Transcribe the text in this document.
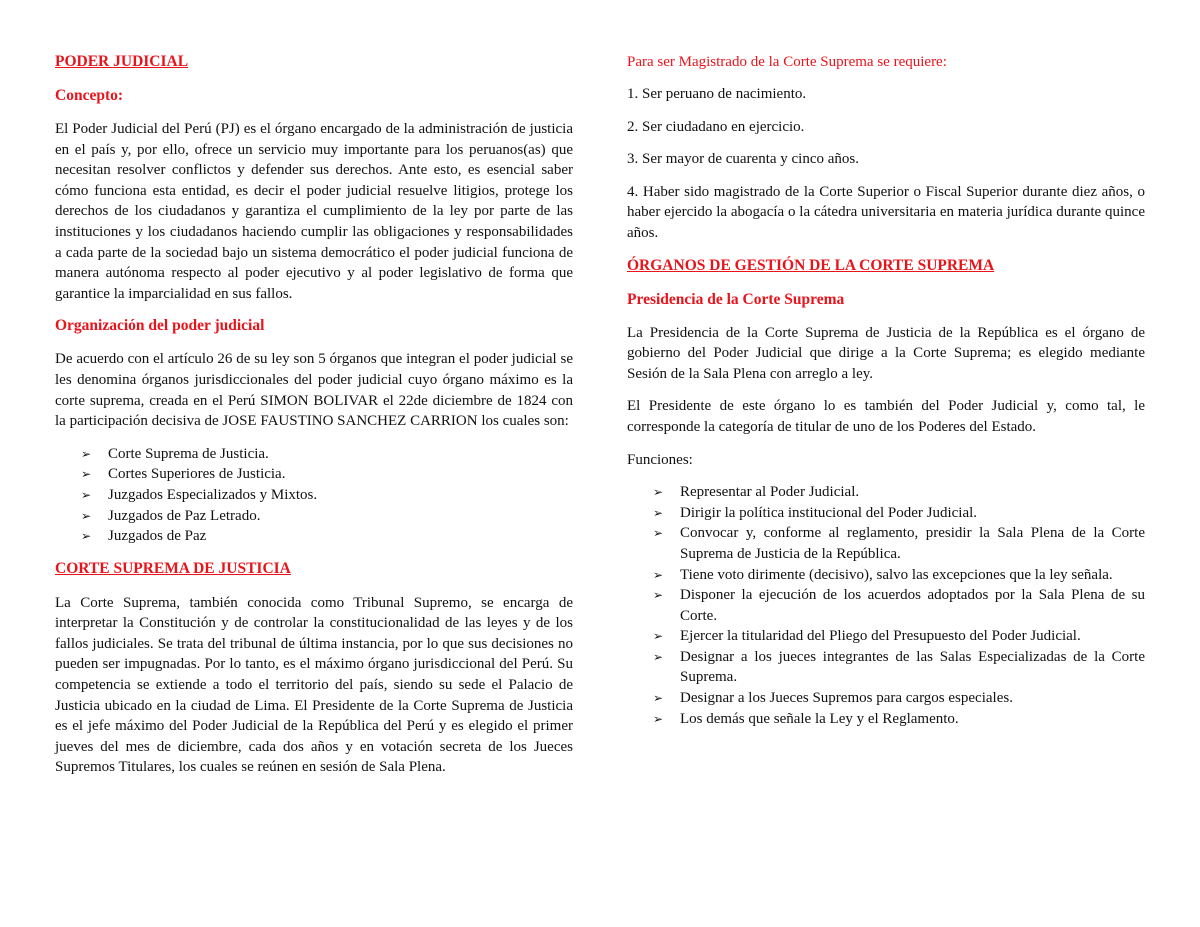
PODER JUDICIAL
Concepto:

El Poder Judicial del Perú (PJ) es el órgano encargado de la administración de justicia en el país y, por ello, ofrece un servicio muy importante para los peruanos(as) que necesitan resolver conflictos y defender sus derechos. Ante esto, es esencial saber cómo funciona esta entidad, es decir el poder judicial resuelve litigios, protege los derechos de los ciudadanos y garantiza el cumplimiento de la ley por parte de las instituciones y los ciudadanos haciendo cumplir las obligaciones y responsabilidades a cada parte de la sociedad bajo un sistema democrático el poder judicial funciona de manera autónoma respecto al poder ejecutivo y al poder legislativo de forma que garantice la imparcialidad en sus fallos.

Organización del poder judicial

De acuerdo con el artículo 26 de su ley son 5 órganos que integran el poder judicial se les denomina órganos jurisdiccionales del poder judicial cuyo órgano máximo es la corte suprema, creada en el Perú SIMON BOLIVAR el 22de diciembre de 1824 con la participación decisiva de JOSE FAUSTINO SANCHEZ CARRION los cuales son:

➢ Corte Suprema de Justicia.
➢ Cortes Superiores de Justicia.
➢ Juzgados Especializados y Mixtos.
➢ Juzgados de Paz Letrado.
➢ Juzgados de Paz
CORTE SUPREMA DE JUSTICIA

La Corte Suprema, también conocida como Tribunal Supremo, se encarga de interpretar la Constitución y de controlar la constitucionalidad de las leyes y de los fallos judiciales. Se trata del tribunal de última instancia, por lo que sus decisiones no pueden ser impugnadas. Por lo tanto, es el máximo órgano jurisdiccional del Perú. Su competencia se extiende a todo el territorio del país, siendo su sede el Palacio de Justicia ubicado en la ciudad de Lima. El Presidente de la Corte Suprema de Justicia es el jefe máximo del Poder Judicial de la República del Perú y es elegido el primer jueves del mes de diciembre, cada dos años y en votación secreta de los Jueces Supremos Titulares, los cuales se reúnen en sesión de Sala Plena.

Para ser Magistrado de la Corte Suprema se requiere:

1. Ser peruano de nacimiento.

2. Ser ciudadano en ejercicio.

3. Ser mayor de cuarenta y cinco años.

4. Haber sido magistrado de la Corte Superior o Fiscal Superior durante diez años, o haber ejercido la abogacía o la cátedra universitaria en materia jurídica durante quince años.

ÓRGANOS DE GESTIÓN DE LA CORTE SUPREMA
Presidencia de la Corte Suprema

La Presidencia de la Corte Suprema de Justicia de la República es el órgano de gobierno del Poder Judicial que dirige a la Corte Suprema; es elegido mediante Sesión de la Sala Plena con arreglo a ley.

El Presidente de este órgano lo es también del Poder Judicial y, como tal, le corresponde la categoría de titular de uno de los Poderes del Estado.

Funciones:

➢ Representar al Poder Judicial.
➢ Dirigir la política institucional del Poder Judicial.
➢ Convocar y, conforme al reglamento, presidir la Sala Plena de la Corte Suprema de Justicia de la República.
➢ Tiene voto dirimente (decisivo), salvo las excepciones que la ley señala.
➢ Disponer la ejecución de los acuerdos adoptados por la Sala Plena de su Corte.
➢ Ejercer la titularidad del Pliego del Presupuesto del Poder Judicial.
➢ Designar a los jueces integrantes de las Salas Especializadas de la Corte Suprema.
➢ Designar a los Jueces Supremos para cargos especiales.
➢ Los demás que señale la Ley y el Reglamento.
